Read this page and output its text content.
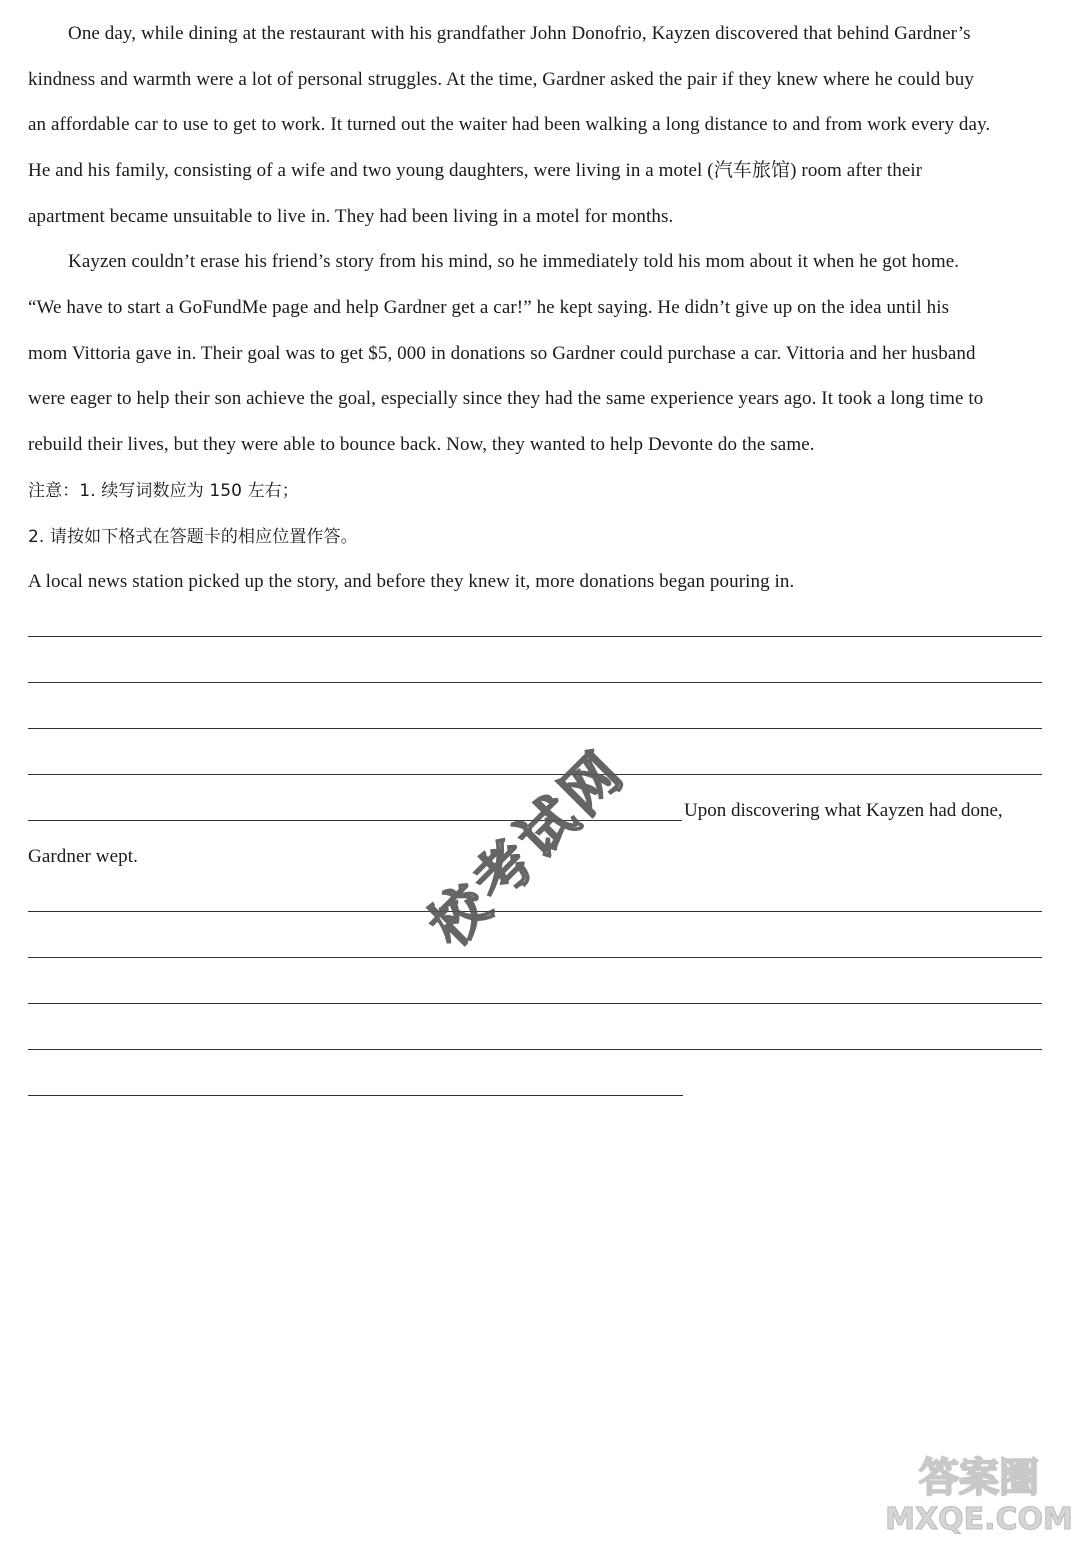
One day, while dining at the restaurant with his grandfather John Donofrio, Kayzen discovered that behind Gardner’s
kindness and warmth were a lot of personal struggles. At the time, Gardner asked the pair if they knew where he could buy
an affordable car to use to get to work. It turned out the waiter had been walking a long distance to and from work every day.
He and his family, consisting of a wife and two young daughters, were living in a motel (汽车旅馆) room after their
apartment became unsuitable to live in. They had been living in a motel for months.
Kayzen couldn’t erase his friend’s story from his mind, so he immediately told his mom about it when he got home.
“We have to start a GoFundMe page and help Gardner get a car!” he kept saying. He didn’t give up on the idea until his
mom Vittoria gave in. Their goal was to get $5, 000 in donations so Gardner could purchase a car. Vittoria and her husband
were eager to help their son achieve the goal, especially since they had the same experience years ago. It took a long time to
rebuild their lives, but they were able to bounce back. Now, they wanted to help Devonte do the same.
注意：1. 续写词数应为 150 左右；
2. 请按如下格式在答题卡的相应位置作答。
A local news station picked up the story, and before they knew it, more donations began pouring in.
Upon discovering what Kayzen had done,
Gardner wept.	校考试网
答案圈
MXQE.COM
